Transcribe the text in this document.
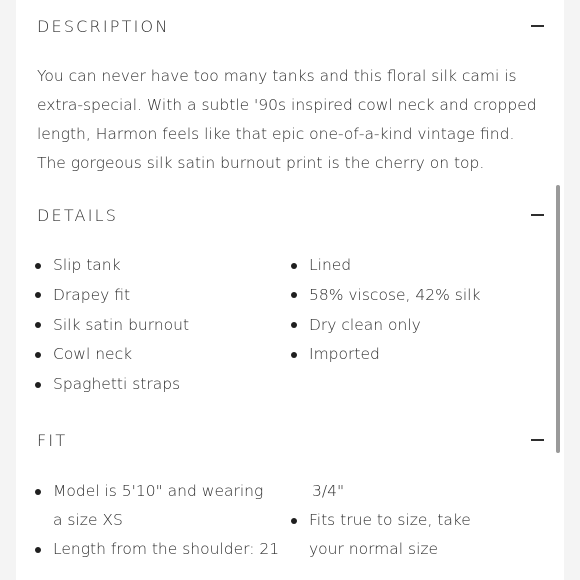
DESCRIPTION

You can never have too many tanks and this floral silk cami is extra-special. With a subtle '90s inspired cowl neck and cropped length, Harmon feels like that epic one-of-a-kind vintage find. The gorgeous silk satin burnout print is the cherry on top.

DETAILS
Slip tank
Drapey fit
Silk satin burnout
Cowl neck
Spaghetti straps
Lined
58% viscose, 42% silk
Dry clean only
Imported
FIT
Model is 5'10" and wearing a size XS
Length from the shoulder: 21
3/4"
Fits true to size, take your normal size
